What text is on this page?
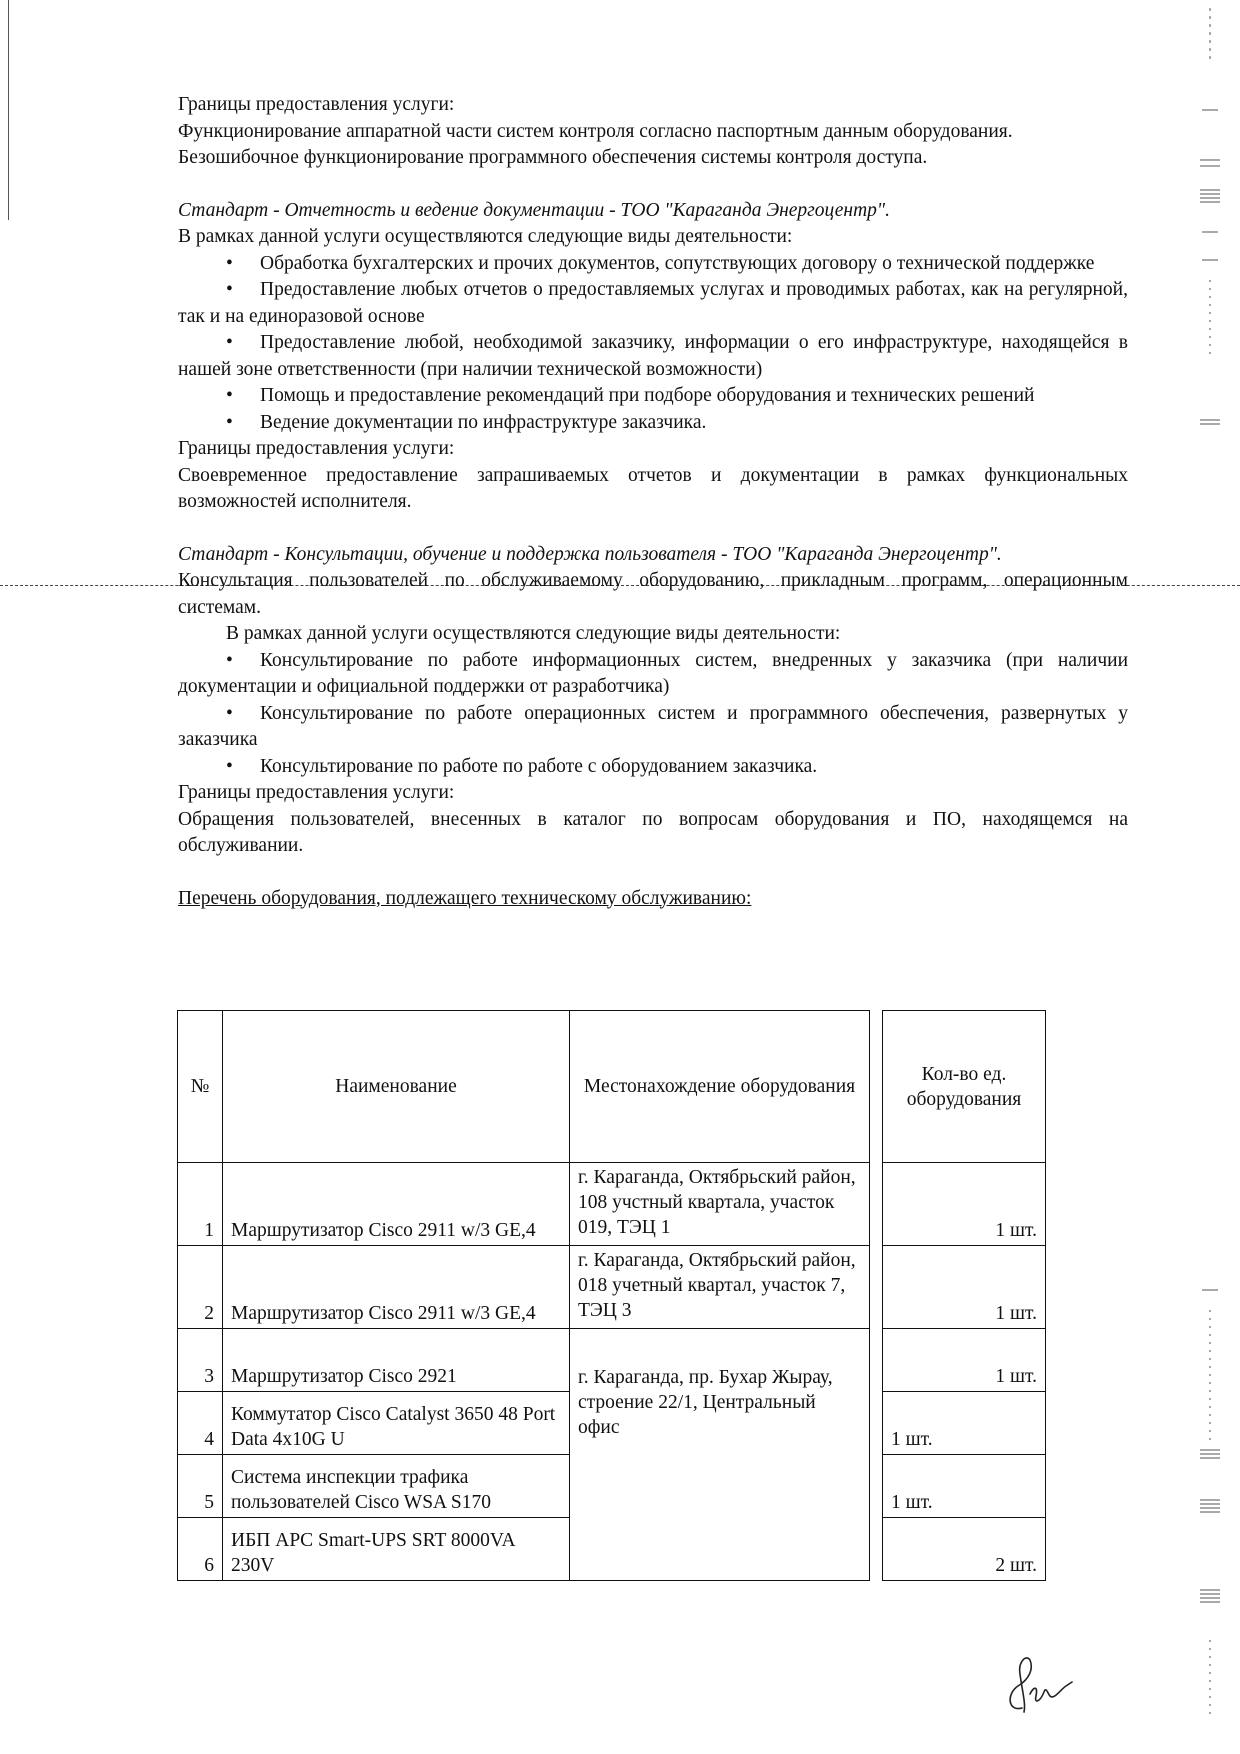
Границы предоставления услуги:

Функционирование аппаратной части систем контроля согласно паспортным данным оборудования.

Безошибочное функционирование программного обеспечения системы контроля доступа.

Стандарт - Отчетность и ведение документации - ТОО "Караганда Энергоцентр".

В рамках данной услуги осуществляются следующие виды деятельности:

• Обработка бухгалтерских и прочих документов, сопутствующих договору о технической поддержке
• Предоставление любых отчетов о предоставляемых услугах и проводимых работах, как на регулярной, так и на единоразовой основе
• Предоставление любой, необходимой заказчику, информации о его инфраструктуре, находящейся в нашей зоне ответственности (при наличии технической возможности)
• Помощь и предоставление рекомендаций при подборе оборудования и технических решений
• Ведение документации по инфраструктуре заказчика.

Границы предоставления услуги:

Своевременное предоставление запрашиваемых отчетов и документации в рамках функциональных возможностей исполнителя.

Стандарт - Консультации, обучение и поддержка пользователя - ТОО "Караганда Энергоцентр".

Консультация пользователей по обслуживаемому оборудованию, прикладным программ, операционным системам.

В рамках данной услуги осуществляются следующие виды деятельности:

• Консультирование по работе информационных систем, внедренных у заказчика (при наличии документации и официальной поддержки от разработчика)
• Консультирование по работе операционных систем и программного обеспечения, развернутых у заказчика
• Консультирование по работе по работе с оборудованием заказчика.

Границы предоставления услуги:

Обращения пользователей, внесенных в каталог по вопросам оборудования и ПО, находящемся на обслуживании.

Перечень оборудования, подлежащего техническому обслуживанию:

№	Наименование	Местонахождение оборудования		Кол-во ед. оборудования
1	Маршрутизатор Cisco 2911 w/3 GE,4	г. Караганда, Октябрьский район, 108 учстный квартала, участок 019, ТЭЦ 1		1 шт.
2	Маршрутизатор Cisco 2911 w/3 GE,4	г. Караганда, Октябрьский район, 018 учетный квартал, участок 7, ТЭЦ 3		1 шт.
3	Маршрутизатор Cisco 2921	г. Караганда, пр. Бухар Жырау, строение 22/1, Центральный офис		1 шт.
4	Коммутатор Cisco Catalyst 3650 48 Port Data 4x10G U			1 шт.
5	Система инспекции трафика пользователей Cisco WSA S170			1 шт.
6	ИБП APC Smart-UPS SRT 8000VA 230V			2 шт.
